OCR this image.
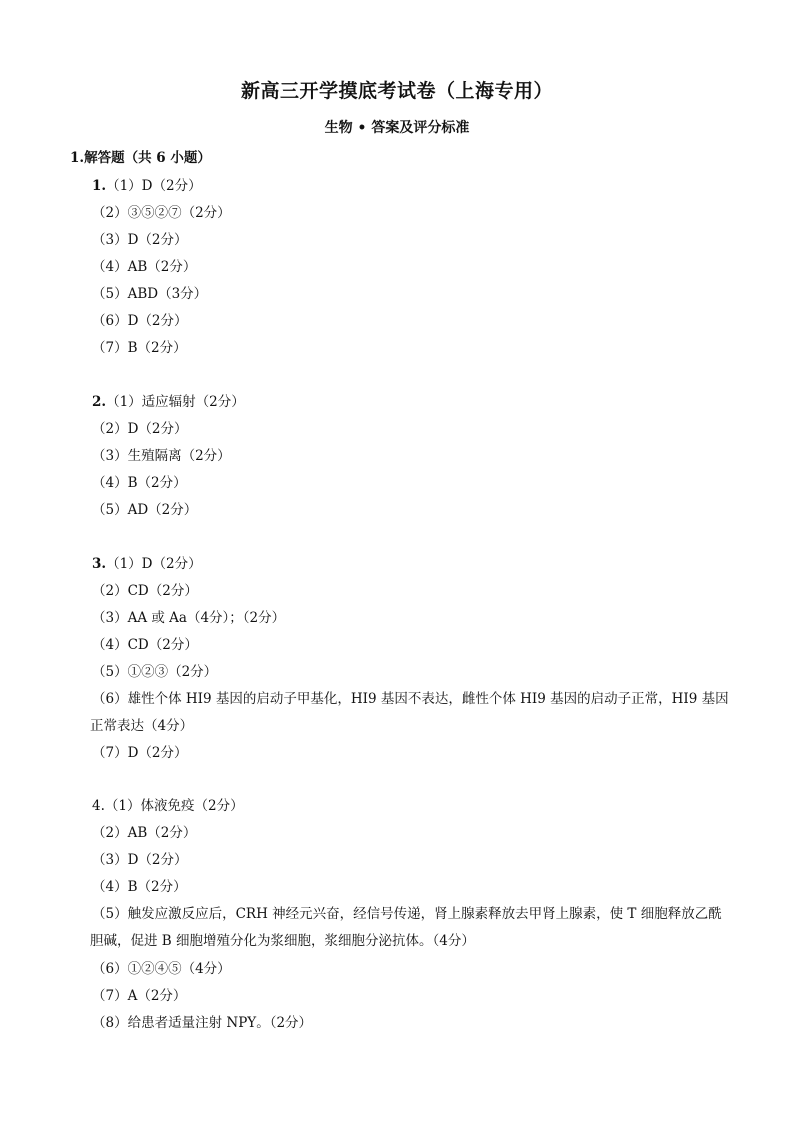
新高三开学摸底考试卷（上海专用）
生物 • 答案及评分标准
1.解答题（共 6 小题）
1.（1）D（2分）
（2）③⑤②⑦（2分）
（3）D（2分）
（4）AB（2分）
（5）ABD（3分）
（6）D（2分）
（7）B（2分）
2.（1）适应辐射（2分）
（2）D（2分）
（3）生殖隔离（2分）
（4）B（2分）
（5）AD（2分）
3.（1）D（2分）
（2）CD（2分）
（3）AA 或 Aa（4分）；（2分）
（4）CD（2分）
（5）①②③（2分）
（6）雄性个体 HI9 基因的启动子甲基化，HI9 基因不表达，雌性个体 HI9 基因的启动子正常，HI9 基因
正常表达（4分）
（7）D（2分）
4.（1）体液免疫（2分）
（2）AB（2分）
（3）D（2分）
（4）B（2分）
（5）触发应激反应后，CRH 神经元兴奋，经信号传递，肾上腺素释放去甲肾上腺素，使 T 细胞释放乙酰
胆碱，促进 B 细胞增殖分化为浆细胞，浆细胞分泌抗体。（4分）
（6）①②④⑤（4分）
（7）A（2分）
（8）给患者适量注射 NPY。（2分）
